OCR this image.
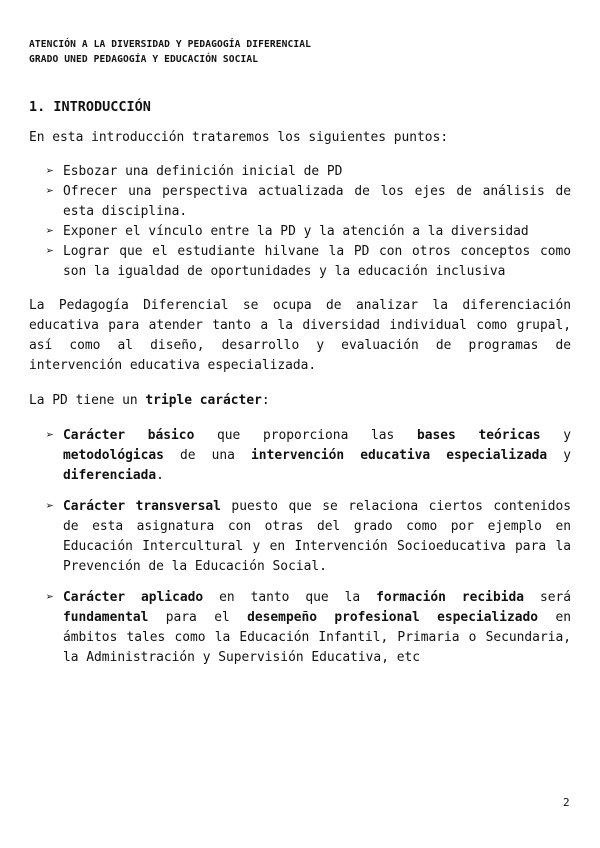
ATENCIÓN A LA DIVERSIDAD Y PEDAGOGÍA DIFERENCIAL
GRADO UNED PEDAGOGÍA Y EDUCACIÓN SOCIAL
1. INTRODUCCIÓN

En esta introducción trataremos los siguientes puntos:

➢ Esbozar una definición inicial de PD
➢ Ofrecer una perspectiva actualizada de los ejes de análisis de esta disciplina.
➢ Exponer el vínculo entre la PD y la atención a la diversidad
➢ Lograr que el estudiante hilvane la PD con otros conceptos como son la igualdad de oportunidades y la educación inclusiva

La Pedagogía Diferencial se ocupa de analizar la diferenciación educativa para atender tanto a la diversidad individual como grupal, así como al diseño, desarrollo y evaluación de programas de intervención educativa especializada.

La PD tiene un triple carácter:

➢ Carácter básico que proporciona las bases teóricas y metodológicas de una intervención educativa especializada y diferenciada.
➢ Carácter transversal puesto que se relaciona ciertos contenidos de esta asignatura con otras del grado como por ejemplo en Educación Intercultural y en Intervención Socioeducativa para la Prevención de la Educación Social.
➢ Carácter aplicado en tanto que la formación recibida será fundamental para el desempeño profesional especializado en ámbitos tales como la Educación Infantil, Primaria o Secundaria, la Administración y Supervisión Educativa, etc
2
